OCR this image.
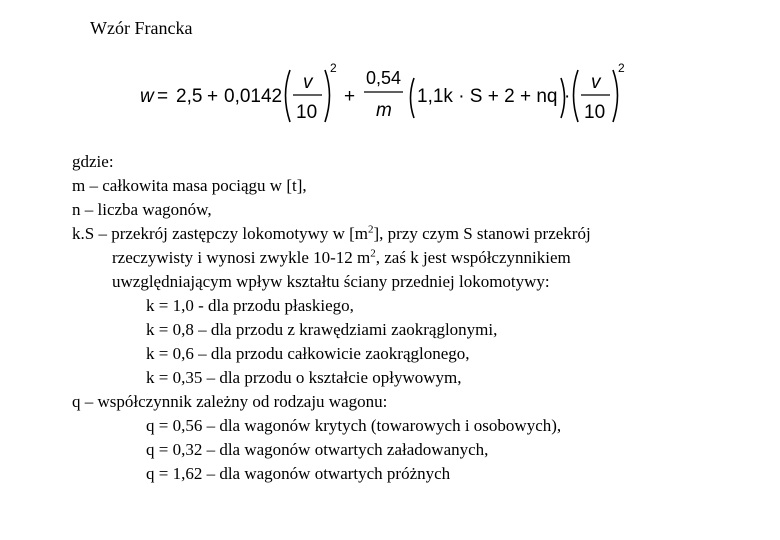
Wzór Francka
w = 2,5 + 0,0142
v
10
2
+
0,54
m
1,1k · S + 2 + nq ·
v
10
2
gdzie:
m – całkowita masa pociągu w [t],
n – liczba wagonów,
k.S – przekrój zastępczy lokomotywy w $[m^2]$, przy czym S stanowi przekrój
rzeczywisty i wynosi zwykle 10-12 $m^2$, zaś k jest współczynnikiem
uwzględniającym wpływ kształtu ściany przedniej lokomotywy:
k = 1,0 - dla przodu płaskiego,
k = 0,8 – dla przodu z krawędziami zaokrąglonymi,
k = 0,6 – dla przodu całkowicie zaokrąglonego,
k = 0,35 – dla przodu o kształcie opływowym,
q – współczynnik zależny od rodzaju wagonu:
q = 0,56 – dla wagonów krytych (towarowych i osobowych),
q = 0,32 – dla wagonów otwartych załadowanych,
q = 1,62 – dla wagonów otwartych próżnych
